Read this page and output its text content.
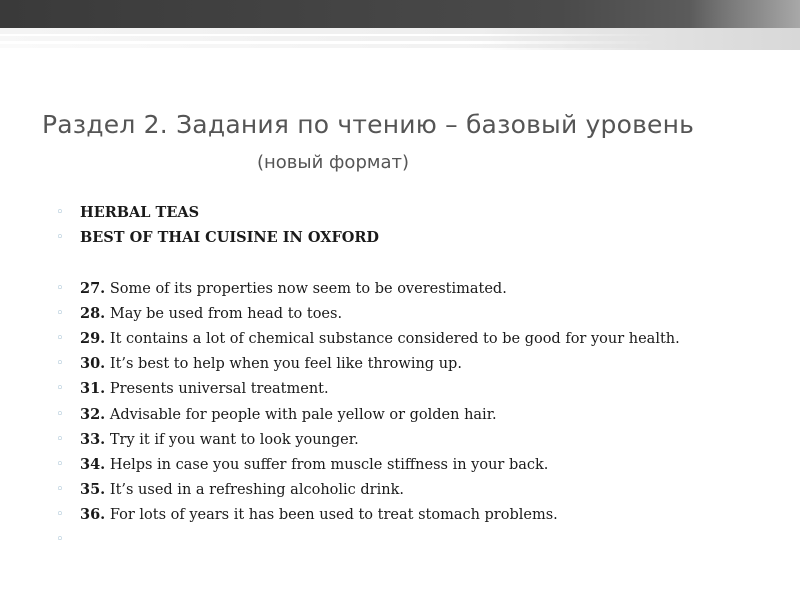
Раздел 2. Задания по чтению – базовый уровень
(новый формат)
◦	HERBAL TEAS
◦	BEST OF THAI CUISINE IN OXFORD
◦	27. Some of its properties now seem to be overestimated.
◦	28. May be used from head to toes.
◦	29. It contains a lot of chemical substance considered to be good for your health.
◦	30. It’s best to help when you feel like throwing up.
◦	31. Presents universal treatment.
◦	32. Advisable for people with pale yellow or golden hair.
◦	33. Try it if you want to look younger.
◦	34. Helps in case you suffer from muscle stiffness in your back.
◦	35. It’s used in a refreshing alcoholic drink.
◦	36. For lots of years it has been used to treat stomach problems.
◦
